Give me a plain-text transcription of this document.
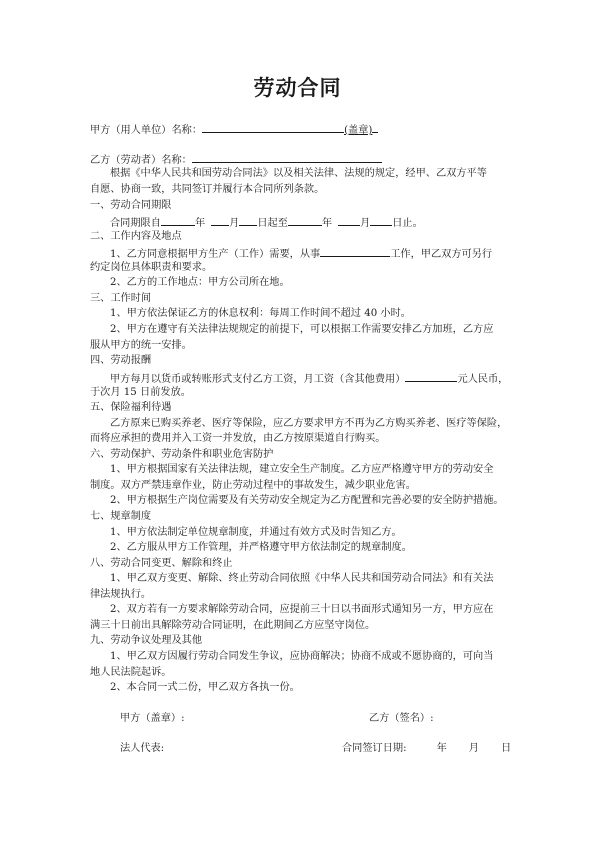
劳动合同
甲方（用人单位）名称：	(盖章)
乙方（劳动者）名称：
根据《中华人民共和国劳动合同法》以及相关法律、法规的规定，经甲、乙双方平等
自愿、协商一致，共同签订并履行本合同所列条款。
一、劳动合同期限
合同期限自	年 月 日起至	年	月 日止。
二、工作内容及地点
1、乙方同意根据甲方生产（工作）需要，从事	工作，甲乙双方可另行
约定岗位具体职责和要求。
2、乙方的工作地点：甲方公司所在地。
三、工作时间
1、甲方依法保证乙方的休息权利：每周工作时间不超过 40 小时。
2、甲方在遵守有关法律法规规定的前提下，可以根据工作需要安排乙方加班，乙方应
服从甲方的统一安排。
四、劳动报酬
甲方每月以货币或转账形式支付乙方工资，月工资（含其他费用）	元人民币，
于次月 15 日前发放。
五、保险福利待遇
乙方原来已购买养老、医疗等保险，应乙方要求甲方不再为乙方购买养老、医疗等保险，
而将应承担的费用并入工资一并发放，由乙方按原渠道自行购买。
六、劳动保护、劳动条件和职业危害防护
1、甲方根据国家有关法律法规，建立安全生产制度。乙方应严格遵守甲方的劳动安全
制度。双方严禁违章作业，防止劳动过程中的事故发生，减少职业危害。
2、甲方根据生产岗位需要及有关劳动安全规定为乙方配置和完善必要的安全防护措施。
七、规章制度
1、甲方依法制定单位规章制度，并通过有效方式及时告知乙方。
2、乙方服从甲方工作管理，并严格遵守甲方依法制定的规章制度。
八、劳动合同变更、解除和终止
1、甲乙双方变更、解除、终止劳动合同依照《中华人民共和国劳动合同法》和有关法
律法规执行。
2、双方若有一方要求解除劳动合同，应提前三十日以书面形式通知另一方，甲方应在
满三十日前出具解除劳动合同证明，在此期间乙方应坚守岗位。
九、劳动争议处理及其他
1、甲乙双方因履行劳动合同发生争议，应协商解决；协商不成或不愿协商的，可向当
地人民法院起诉。
2、本合同一式二份，甲乙双方各执一份。
甲方（盖章）:	乙方（签名）:
法人代表:	合同签订日期:	年 月 日
